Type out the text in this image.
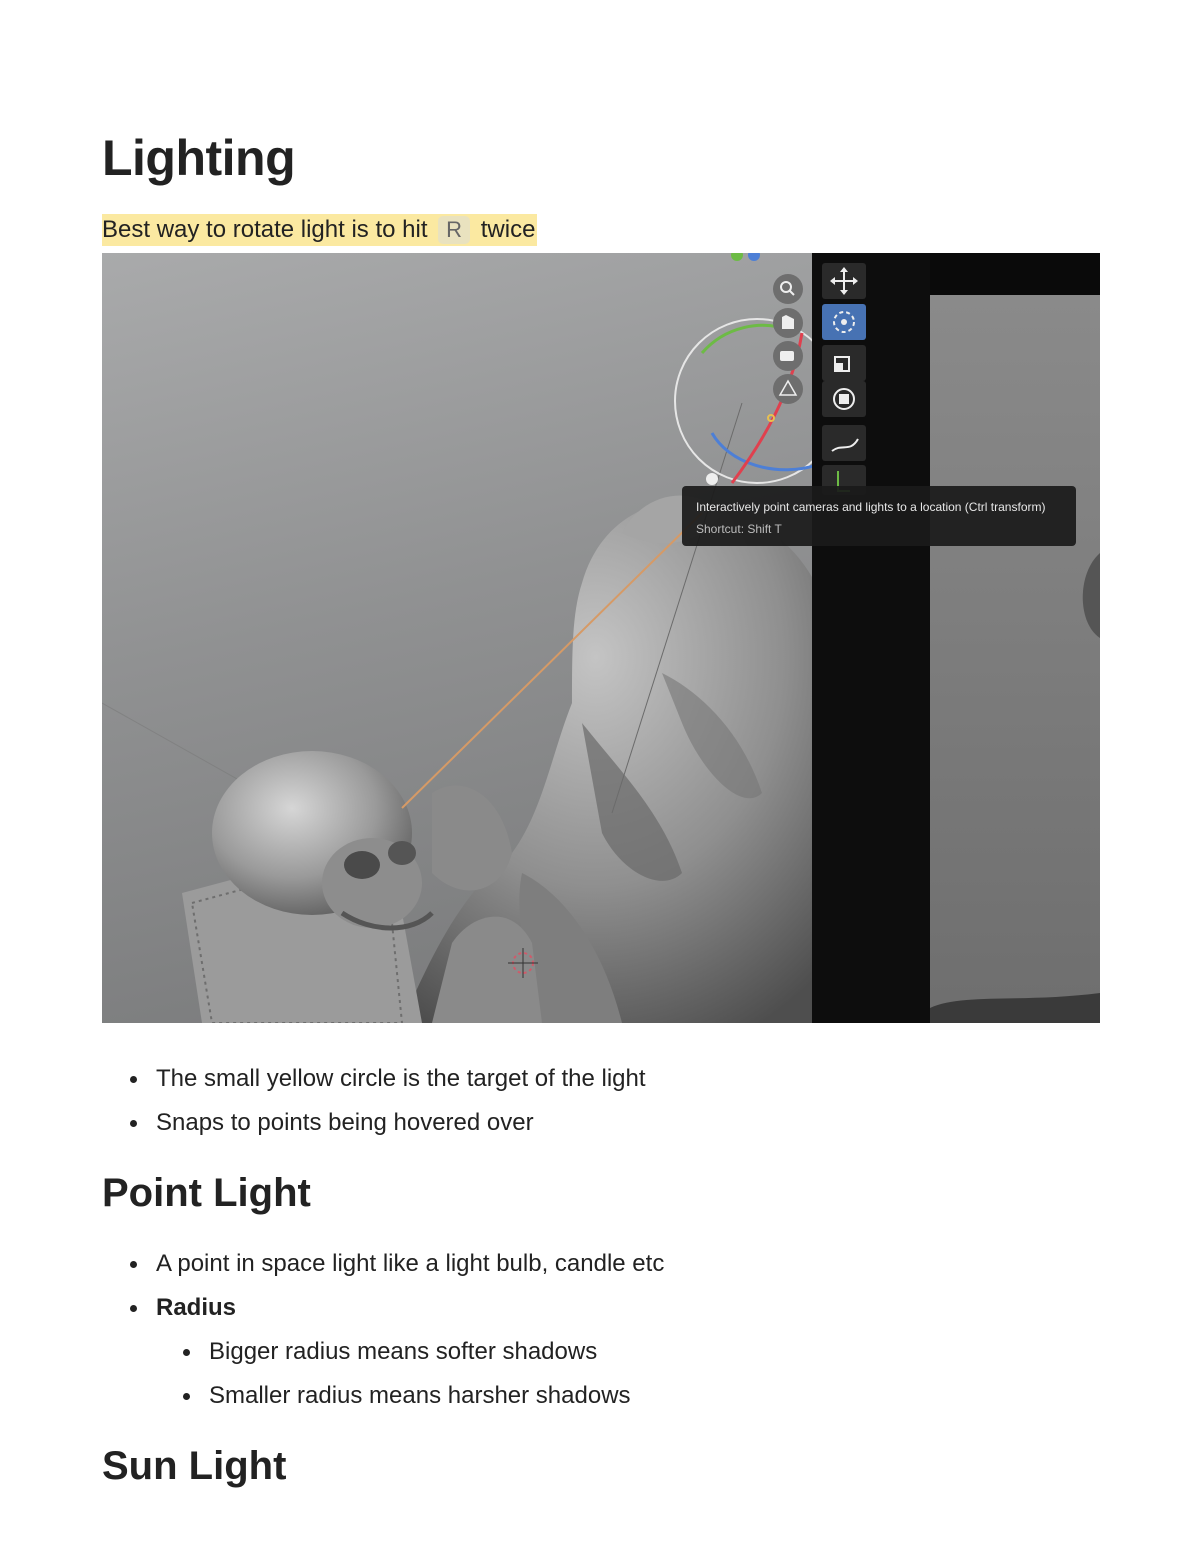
Lighting
Best way to rotate light is to hit R twice
Interactively point cameras and lights to a location (Ctrl transform)
Shortcut: Shift T
The small yellow circle is the target of the light
Snaps to points being hovered over
Point Light
A point in space light like a light bulb, candle etc
Radius
Bigger radius means softer shadows
Smaller radius means harsher shadows
Sun Light
